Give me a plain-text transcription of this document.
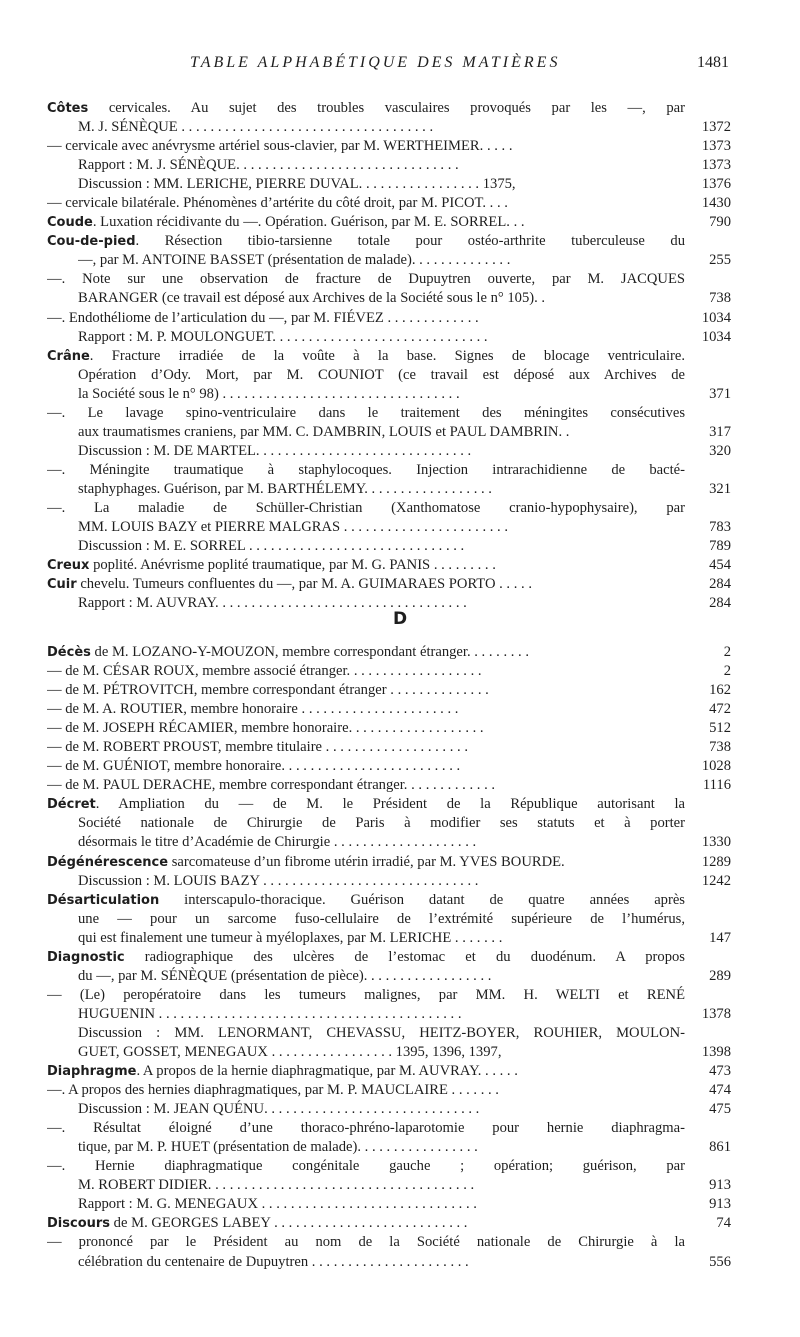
TABLE ALPHABÉTIQUE DES MATIÈRES	1481
Côtes cervicales. Au sujet des troubles vasculaires provoqués par les —, par
M. J. SÉNÈQUE . . . . . . . . . . . . . . . . . . . . . . . . . . . . . . . . . . .	1372
— cervicale avec anévrysme artériel sous-clavier, par M. WERTHEIMER. . . . .	1373
Rapport : M. J. SÉNÈQUE. . . . . . . . . . . . . . . . . . . . . . . . . . . . . . .	1373
Discussion : MM. LERICHE, PIERRE DUVAL. . . . . . . . . . . . . . . . . 1375,	1376
— cervicale bilatérale. Phénomènes d’artérite du côté droit, par M. PICOT. . . .	1430
Coude. Luxation récidivante du —. Opération. Guérison, par M. E. SORREL. . .	790
Cou-de-pied. Résection tibio-tarsienne totale pour ostéo-arthrite tuberculeuse du
—, par M. ANTOINE BASSET (présentation de malade). . . . . . . . . . . . . .	255
—. Note sur une observation de fracture de Dupuytren ouverte, par M. JACQUES
BARANGER (ce travail est déposé aux Archives de la Société sous le n° 105). .	738
—. Endothéliome de l’articulation du —, par M. FIÉVEZ . . . . . . . . . . . . .	1034
Rapport : M. P. MOULONGUET. . . . . . . . . . . . . . . . . . . . . . . . . . . . . .	1034
Crâne. Fracture irradiée de la voûte à la base. Signes de blocage ventriculaire.
Opération d’Ody. Mort, par M. COUNIOT (ce travail est déposé aux Archives de
la Société sous le n° 98) . . . . . . . . . . . . . . . . . . . . . . . . . . . . . . . . .	371
—. Le lavage spino-ventriculaire dans le traitement des méningites consécutives
aux traumatismes craniens, par MM. C. DAMBRIN, LOUIS et PAUL DAMBRIN. .	317
Discussion : M. DE MARTEL. . . . . . . . . . . . . . . . . . . . . . . . . . . . . .	320
—. Méningite traumatique à staphylocoques. Injection intrarachidienne de bacté-
staphyphages. Guérison, par M. BARTHÉLEMY. . . . . . . . . . . . . . . . . .	321
—. La maladie de Schüller-Christian (Xanthomatose cranio-hypophysaire), par
MM. LOUIS BAZY et PIERRE MALGRAS . . . . . . . . . . . . . . . . . . . . . . .	783
Discussion : M. E. SORREL . . . . . . . . . . . . . . . . . . . . . . . . . . . . . .	789
Creux poplité. Anévrisme poplité traumatique, par M. G. PANIS . . . . . . . . .	454
Cuir chevelu. Tumeurs confluentes du —, par M. A. GUIMARAES PORTO . . . . .	284
Rapport : M. AUVRAY. . . . . . . . . . . . . . . . . . . . . . . . . . . . . . . . . . .	284
D
Décès de M. LOZANO-Y-MOUZON, membre correspondant étranger. . . . . . . . .	2
— de M. CÉSAR ROUX, membre associé étranger. . . . . . . . . . . . . . . . . . .	2
— de M. PÉTROVITCH, membre correspondant étranger . . . . . . . . . . . . . .	162
— de M. A. ROUTIER, membre honoraire . . . . . . . . . . . . . . . . . . . . . .	472
— de M. JOSEPH RÉCAMIER, membre honoraire. . . . . . . . . . . . . . . . . . .	512
— de M. ROBERT PROUST, membre titulaire . . . . . . . . . . . . . . . . . . . .	738
— de M. GUÉNIOT, membre honoraire. . . . . . . . . . . . . . . . . . . . . . . . .	1028
— de M. PAUL DERACHE, membre correspondant étranger. . . . . . . . . . . . .	1116
Décret. Ampliation du — de M. le Président de la République autorisant la
Société nationale de Chirurgie de Paris à modifier ses statuts et à porter
désormais le titre d’Académie de Chirurgie . . . . . . . . . . . . . . . . . . . .	1330
Dégénérescence sarcomateuse d’un fibrome utérin irradié, par M. YVES BOURDE.	1289
Discussion : M. LOUIS BAZY . . . . . . . . . . . . . . . . . . . . . . . . . . . . . .	1242
Désarticulation interscapulo-thoracique. Guérison datant de quatre années après
une — pour un sarcome fuso-cellulaire de l’extrémité supérieure de l’humérus,
qui est finalement une tumeur à myéloplaxes, par M. LERICHE . . . . . . .	147
Diagnostic radiographique des ulcères de l’estomac et du duodénum. A propos
du —, par M. SÉNÈQUE (présentation de pièce). . . . . . . . . . . . . . . . . .	289
— (Le) peropératoire dans les tumeurs malignes, par MM. H. WELTI et RENÉ
HUGUENIN . . . . . . . . . . . . . . . . . . . . . . . . . . . . . . . . . . . . . . . . . .	1378
Discussion : MM. LENORMANT, CHEVASSU, HEITZ-BOYER, ROUHIER, MOULON-
GUET, GOSSET, MENEGAUX . . . . . . . . . . . . . . . . . 1395, 1396, 1397,	1398
Diaphragme. A propos de la hernie diaphragmatique, par M. AUVRAY. . . . . .	473
—. A propos des hernies diaphragmatiques, par M. P. MAUCLAIRE . . . . . . .	474
Discussion : M. JEAN QUÉNU. . . . . . . . . . . . . . . . . . . . . . . . . . . . . .	475
—. Résultat éloigné d’une thoraco-phréno-laparotomie pour hernie diaphragma-
tique, par M. P. HUET (présentation de malade). . . . . . . . . . . . . . . . .	861
—. Hernie diaphragmatique congénitale gauche ; opération; guérison, par
M. ROBERT DIDIER. . . . . . . . . . . . . . . . . . . . . . . . . . . . . . . . . . . . .	913
Rapport : M. G. MENEGAUX . . . . . . . . . . . . . . . . . . . . . . . . . . . . . .	913
Discours de M. GEORGES LABEY . . . . . . . . . . . . . . . . . . . . . . . . . . .	74
— prononcé par le Président au nom de la Société nationale de Chirurgie à la
célébration du centenaire de Dupuytren . . . . . . . . . . . . . . . . . . . . . .	556
